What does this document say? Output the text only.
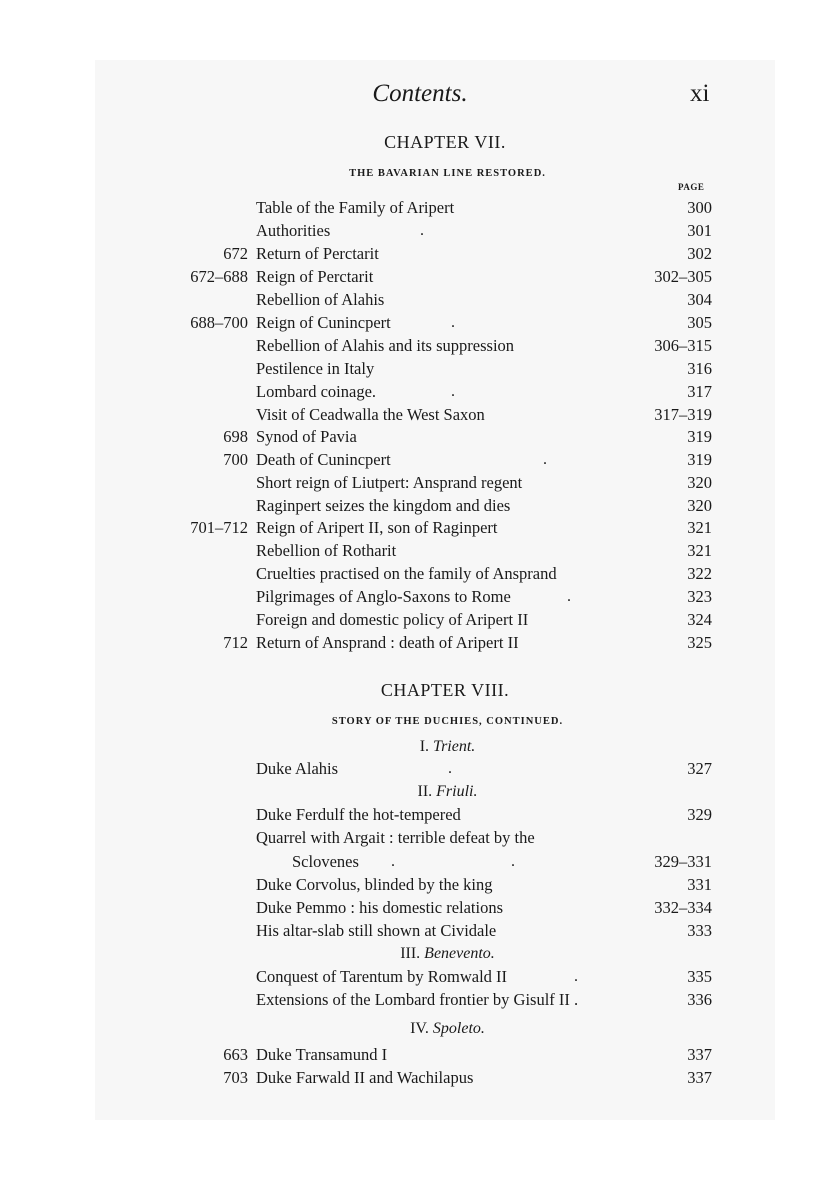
Contents.	xi
CHAPTER VII.
THE BAVARIAN LINE RESTORED.
PAGE
Table of the Family of Aripert	300
Authorities	.	301
672 Return of Perctarit	302
672–688 Reign of Perctarit	302–305
Rebellion of Alahis	304
688–700 Reign of Cunincpert	.	305
Rebellion of Alahis and its suppression	306–315
Pestilence in Italy	316
Lombard coinage.	.	317
Visit of Ceadwalla the West Saxon	317–319
698 Synod of Pavia	319
700 Death of Cunincpert	.	319
Short reign of Liutpert: Ansprand regent	320
Raginpert seizes the kingdom and dies	320
701–712 Reign of Aripert II, son of Raginpert	321
Rebellion of Rotharit	321
Cruelties practised on the family of Ansprand	322
Pilgrimages of Anglo-Saxons to Rome	.	323
Foreign and domestic policy of Aripert II	324
712 Return of Ansprand : death of Aripert II	325
CHAPTER VIII.
STORY OF THE DUCHIES, CONTINUED.
I. Trient.
II. Friuli.
III. Benevento.
IV. Spoleto.
Duke Alahis	.	327
Duke Ferdulf the hot-tempered	329
Quarrel with Argait : terrible defeat by the
Sclovenes .	.	329–331
Duke Corvolus, blinded by the king	331
Duke Pemmo : his domestic relations	332–334
His altar-slab still shown at Cividale	333
Conquest of Tarentum by Romwald II	.	335
Extensions of the Lombard frontier by Gisulf II .	336
663 Duke Transamund I	337
703 Duke Farwald II and Wachilapus	337
